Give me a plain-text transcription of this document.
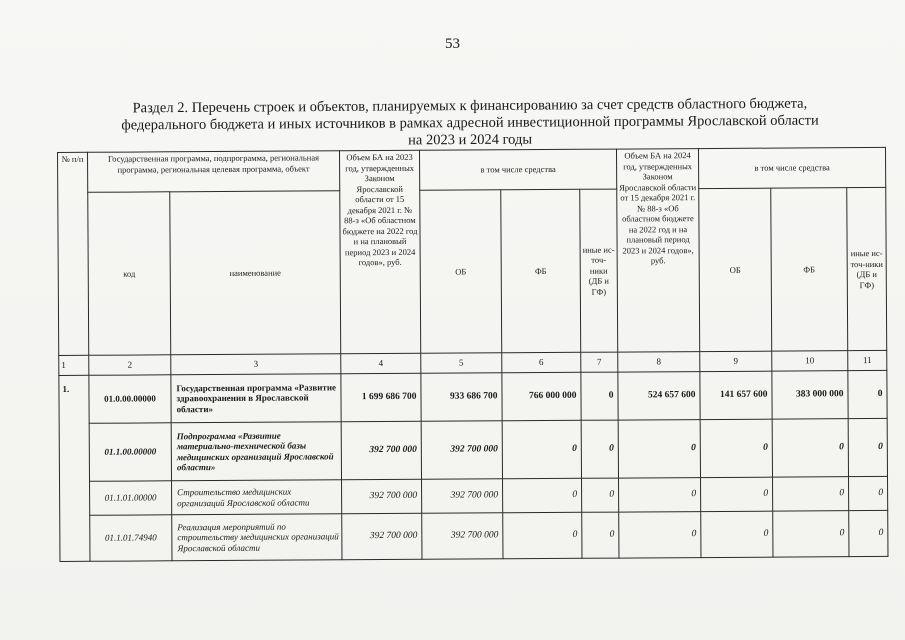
53
Раздел 2. Перечень строек и объектов, планируемых к финансированию за счет средств областного бюджета,
федерального бюджета и иных источников в рамках адресной инвестиционной программы Ярославской области
на 2023 и 2024 годы
№ п/п	Государственная программа, подпрограмма, региональная программа, региональная целевая программа, объект		Объем БА на 2023 год, утвержденных Законом Ярославской области от 15 декабря 2021 г. № 88-з «Об областном бюджете на 2022 год и на плановый период 2023 и 2024 годов», руб.	в том числе средства			Объем БА на 2024 год, утвержденных Законом Ярославской области от 15 декабря 2021 г. № 88-з «Об областном бюджете на 2022 год и на плановый период 2023 и 2024 годов», руб.	в том числе средства		
	код	наименование		ОБ	ФБ	иные ис-точ-ники (ДБ и ГФ)		ОБ	ФБ	иные ис-точ-ники (ДБ и ГФ)
1	2	3	4	5	6	7	8	9	10	11
1.	01.0.00.00000	Государственная программа «Развитие здравоохранения в Ярославской области»	1 699 686 700	933 686 700	766 000 000	0	524 657 600	141 657 600	383 000 000	0
	01.1.00.00000	Подпрограмма «Развитие материально-технической базы медицинских организаций Ярославской области»	392 700 000	392 700 000	0	0	0	0	0	0
	01.1.01.00000	Строительство медицинских организаций Ярославской области	392 700 000	392 700 000	0	0	0	0	0	0
	01.1.01.74940	Реализация мероприятий по строительству медицинских организаций Ярославской области	392 700 000	392 700 000	0	0	0	0	0	0
